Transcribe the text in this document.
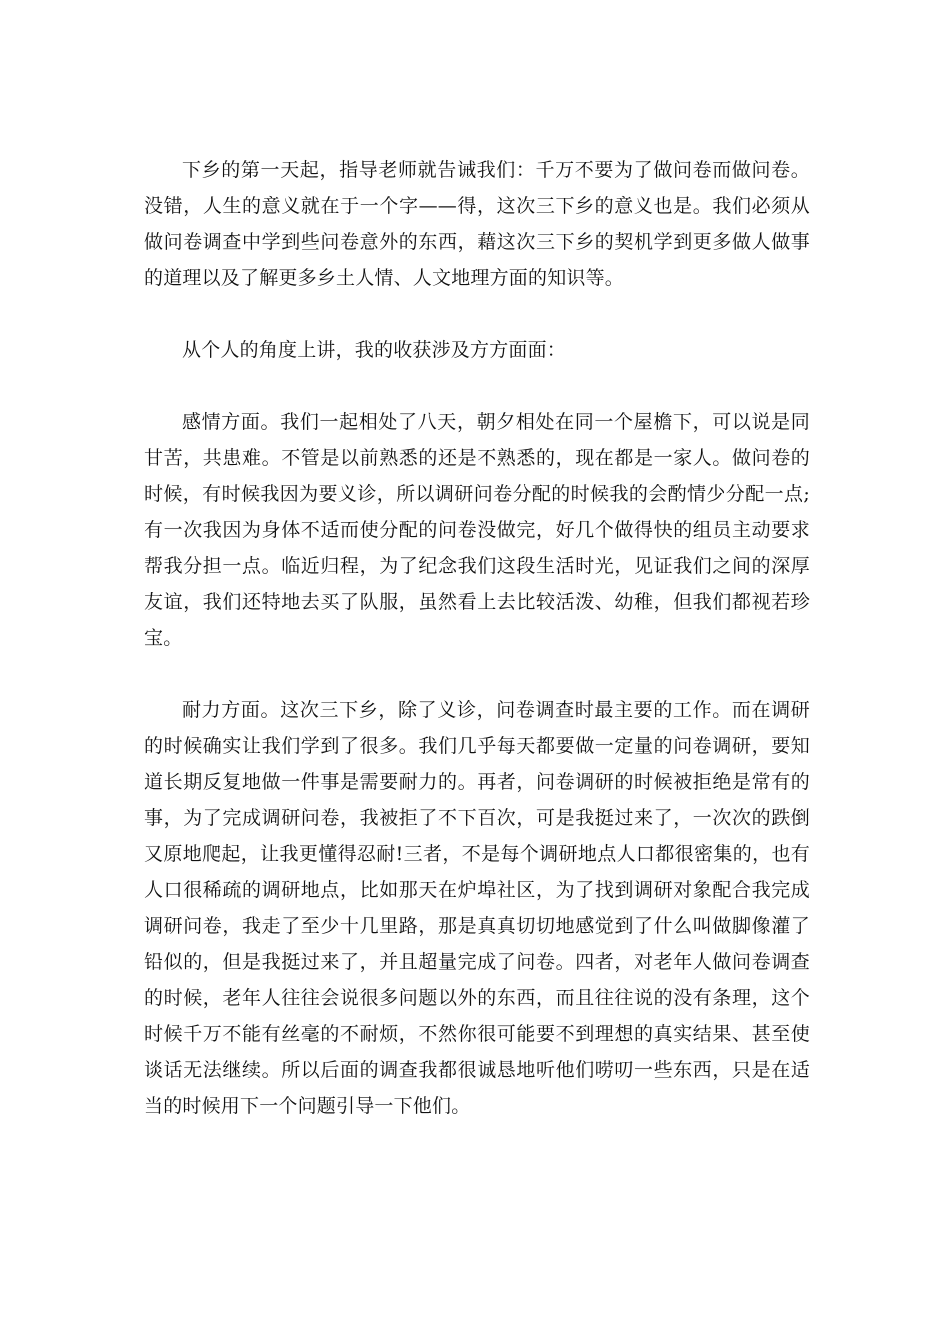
下乡的第一天起，指导老师就告诫我们：千万不要为了做问卷而做问卷。没错，人生的意义就在于一个字——得，这次三下乡的意义也是。我们必须从做问卷调查中学到些问卷意外的东西，藉这次三下乡的契机学到更多做人做事的道理以及了解更多乡土人情、人文地理方面的知识等。

从个人的角度上讲，我的收获涉及方方面面：

感情方面。我们一起相处了八天，朝夕相处在同一个屋檐下，可以说是同甘苦，共患难。不管是以前熟悉的还是不熟悉的，现在都是一家人。做问卷的时候，有时候我因为要义诊，所以调研问卷分配的时候我的会酌情少分配一点;有一次我因为身体不适而使分配的问卷没做完，好几个做得快的组员主动要求帮我分担一点。临近归程，为了纪念我们这段生活时光，见证我们之间的深厚友谊，我们还特地去买了队服，虽然看上去比较活泼、幼稚，但我们都视若珍宝。

耐力方面。这次三下乡，除了义诊，问卷调查时最主要的工作。而在调研的时候确实让我们学到了很多。我们几乎每天都要做一定量的问卷调研，要知道长期反复地做一件事是需要耐力的。再者，问卷调研的时候被拒绝是常有的事，为了完成调研问卷，我被拒了不下百次，可是我挺过来了，一次次的跌倒又原地爬起，让我更懂得忍耐!三者，不是每个调研地点人口都很密集的，也有人口很稀疏的调研地点，比如那天在炉埠社区，为了找到调研对象配合我完成调研问卷，我走了至少十几里路，那是真真切切地感觉到了什么叫做脚像灌了铅似的，但是我挺过来了，并且超量完成了问卷。四者，对老年人做问卷调查的时候，老年人往往会说很多问题以外的东西，而且往往说的没有条理，这个时候千万不能有丝毫的不耐烦，不然你很可能要不到理想的真实结果、甚至使谈话无法继续。所以后面的调查我都很诚恳地听他们唠叨一些东西，只是在适当的时候用下一个问题引导一下他们。
